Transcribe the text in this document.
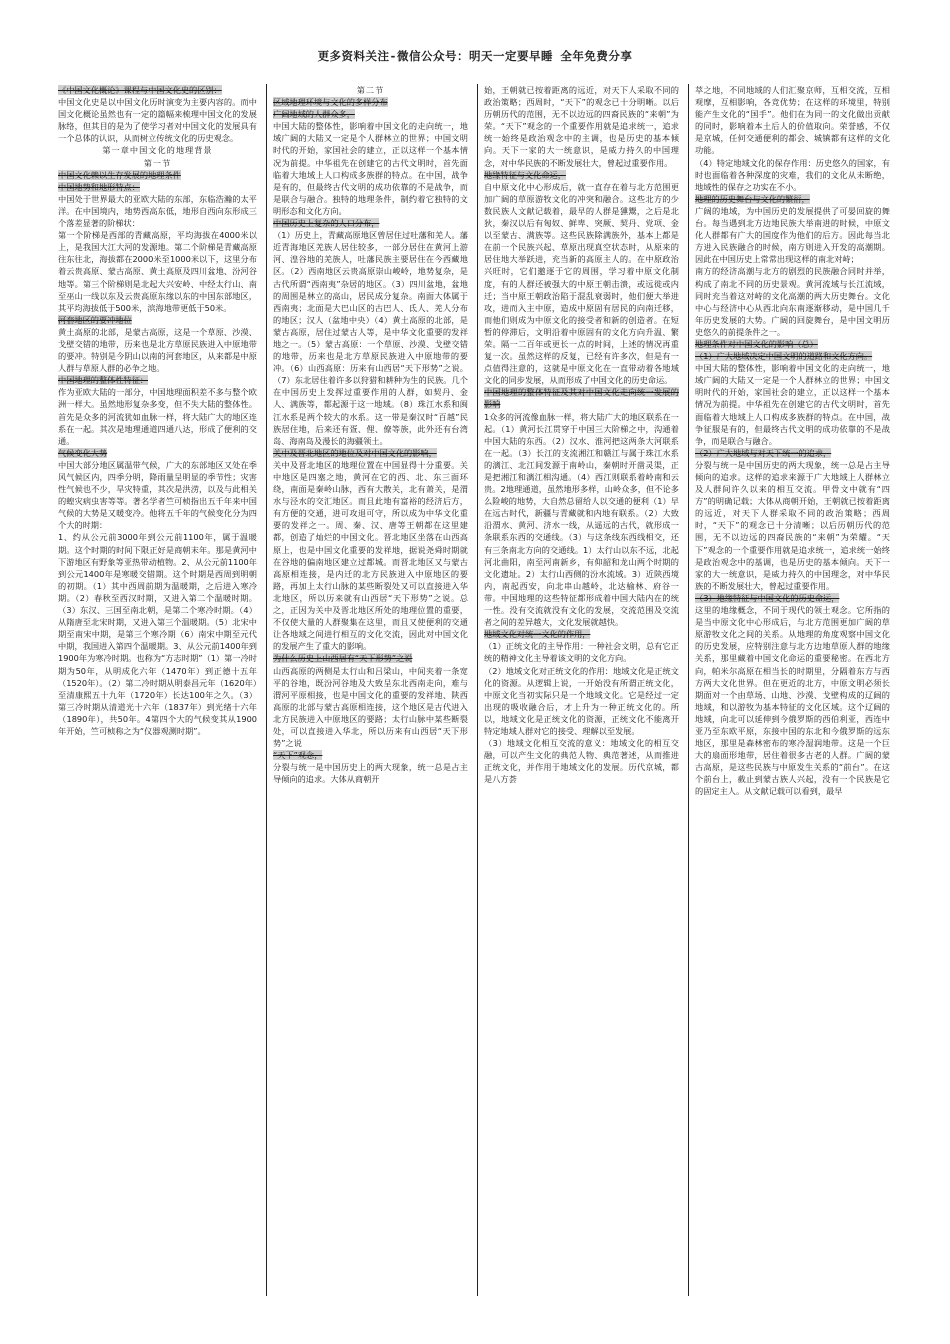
更多资料关注-微信公众号：明天一定要早睡 全年免费分享

《中国文化概论》课程与中国文化史的区别：

中国文化史是以中国文化历时演变为主要内容的。而中国文化概论虽然也有一定的篇幅来梳理中国文化的发展脉络，但其目的是为了使学习者对中国文化的发展具有一个总体的认识，从而树立传统文化的历史观念。

第一章中国文化的地理背景

第一节

中国文化赖以生存发展的地理条件

中国地势和地形特点：

中国处于世界最大的亚欧大陆的东部，东临浩瀚的太平洋。在中国境内，地势西高东低，地形自西向东形成三个落差显著的阶梯状：

第一个阶梯是西部的青藏高原，平均海拔在4000米以上，是我国大江大河的发源地。第二个阶梯是青藏高原往东往北，海拔都在2000米至1000米以下，这里分布着云贵高原、蒙古高原、黄土高原及四川盆地、汾河谷地等。第三个阶梯则是北起大兴安岭、中经太行山、南至巫山一线以东及云贵高原东缘以东的中国东部地区，其平均海拔低于500米，滨海地带更低于50米。

河套地区的要冲地位

黄土高原的北部，是蒙古高原，这是一个草原、沙漠、戈壁交错的地带，历来也是北方草原民族进入中原地带的要冲。特别是今阴山以南的河套地区，从来都是中原人群与草原人群的必争之地。

中国地理的整体性特征：

作为亚欧大陆的一部分，中国地理面积差不多与整个欧洲一样大。虽然地形复杂多变，但不失大陆的整体性。首先是众多的河流犹如血脉一样，将大陆广大的地区连系在一起。其次是地理通道四通八达，形成了便利的交通。

气候变化大势

中国大部分地区属温带气候，广大的东部地区又处在季风气候区内，四季分明，降雨量呈明显的季节性；灾害性气候也不少，旱灾特重，其次是洪涝，以及与此相关的蝗灾病虫害等等。著名学者竺可桢指出五千年来中国气候的大势是又暖变冷。他将五千年的气候变化分为四个大的时期：

1、约从公元前3000年到公元前1100年，属于温暖期。这个时期的时间下限正好是商朝末年。那是黄河中下游地区有野象等亚热带动植物。2、从公元前1100年到公元1400年是寒暖交错期。这个时期是西周到明朝的初期。（1）其中西周前期为温暖期，之后进入寒冷期。（2）春秋至西汉时期，又进入第二个温暖时期。（3）东汉、三国至南北朝，是第二个寒冷时期。（4）从隋唐至北宋时期，又进入第三个温暖期。（5）北宋中期至南宋中期，是第三个寒冷期（6）南宋中期至元代中期，我国进入第四个温暖期。3、从公元前1400年到1900年为寒冷时期。也称为“方志时期”（1）第一冷时期为50年，从明成化六年（1470年）到正德十五年（1520年）。（2）第二冷时期从明泰昌元年（1620年）至清康熙五十九年（1720年）长达100年之久。（3）第三冷时期从清道光十六年（1837年）到光绪十六年（1890年），共50年。4第四个大的气候变其从1900年开始，竺可桢称之为“仪器观测时期”。

第二节

区域地理环境与文化的多样分布

广阔地域的人群众多，

中国大陆的整体性，影响着中国文化的走向统一，地域广阔的大陆又一定是个人群林立的世界；中国文明时代的开始，家国社会的建立，正以这样一个基本情况为前提。中华祖先在创建它的古代文明时，首先面临着大地域上人口构成多族群的特点。在中国，战争是有的，但最终古代文明的成功依靠的不是战争，而是联合与融合。独特的地理条件，制约着它独特的文明形态和文化方向。

中国历史上复杂的人口分布，

（1）历史上，青藏高原地区曾居住过吐藩和羌人。藩近青海地区羌族人居住较多，一部分居住在黄河上游河、湟谷地的羌族人，吐藩民族主要居住在今西藏地区。（2）西南地区云贵高原崇山峻岭，地势复杂，是古代所谓“西南夷”杂居的地区。（3）四川盆地，盆地的周围是林立的高山，居民成分复杂。南面大体属于西南夷；北面是大巴山区的古巴人、氐人、羌人分布的地区；汉人（盆地中央）（4）黄土高原的北部，是蒙古高原，居住过蒙古人等，是中华文化重要的发祥地之一。（5）蒙古高原：一个草原、沙漠、戈壁交错的地带，历来也是北方草原民族进入中原地带的要冲。（6）山西高原：历来有山西居“天下形势”之说。（7）东北居住着许多以狩猎和耕种为生的民族。几个在中国历史上发挥过重要作用的人群，如契丹、金人、满族等，都起源于这一地域。（8）珠江水系和闽江水系是两个较大的水系。这一带是秦汉时“百越”民族居住地，后来还有疍、俚、僚等族，此外还有台湾岛、海南岛及漫长的海疆领土。

关中及晋北地区的地位及对中国文化的影响，

关中及晋北地区的地理位置在中国显得十分重要。关中地区是四塞之地，黄河在它的西、北、东三面环绕，南面是秦岭山脉，西有大散关，北有萧关，是渭水与泾水的交汇地区。而且此地有富裕的经济后方，有方便的交通，进可攻退可守，所以成为中华文化重要的发祥之一。周、秦、汉、唐等王朝都在这里建都，创造了灿烂的中国文化。晋北地区坐落在山西高原上，也是中国文化重要的发祥地，据说尧舜时期就在谷地的偏南地区建立过都城。而晋北地区又与蒙古高原相连接，是内迁的北方民族进入中原地区的要路，再加上太行山脉的某些断裂处又可以直接进入华北地区，所以历来就有山西居“天下形势”之说。总之，正因为关中及晋北地区所处的地理位置的重要，不仅使大量的人群聚集在这里，而且又使便利的交通让各地域之间进行相互的文化交流，因此对中国文化的发展产生了重大的影响。

为什么历史上山西居有“天下形势”之说

山西高原的两侧是太行山和吕梁山，中间夹着一条宽平的谷地，既汾河谷地及大致呈东北西南走向，难与渭河平原相接，也是中国文化的重要的发祥地、陕西高原的北部与蒙古高原相连接，这个地区是古代进入北方民族进入中原地区的要路；太行山脉中某些断裂处，可以直接进入华北，所以历来有山西居“天下形势”之说

“天下”观念，

分裂与统一是中国历史上的两大现象，统一总是占主导倾向的追求。大体从商朝开

始，王朝就已按着距离的远近，对天下人采取不同的政治策略；西周时，“天下”的观念已十分明晰。以后历朝历代的范围，无不以边远的四裔民族的“来朝”为荣。“天下”观念的一个重要作用就是追求统一，追求统一始终是政治观念中的主调，也是历史的基本倾向。天下一家的大一统意识，是威力持久的中国理念，对中华民族的不断发展壮大，曾起过重要作用。

地缘特征与文化命运，

自中原文化中心形成后，就一直存在着与北方范围更加广阔的草原游牧文化的冲突和融合。这些北方的少数民族人文献记载着，最早的人群是獯鬻，之后是北狄，秦汉以后有匈奴、鲜卑、突厥、契丹、党项、金以至蒙古、满族等。这些民族除满族外，基本上都是在前一个民族兴起、草原出现真空状态时，从原来的居住地大举跃进，充当新的高原主人的。在中原政治兴旺时，它们邀逐于它的周围，学习着中原文化制度，有的人群还被强大的中原王朝击溃，或远徙或内迁；当中原王朝政治陷于混乱衰弱时，他们便大举进攻，进而入主中原，造成中原固有居民的向南迁移，而他们则成为中原文化的接受者和新的创造者。在短暂的停滞后，文明沿着中原固有的文化方向升温、繁荣。隔一二百年或更长一点的时间，上述的情况再重复一次。虽然这样的反复，已经有许多次，但是有一点值得注意的，这就是中原文化在一直带动着各地域文化的同步发展，从而形成了中国文化的历史命运。

中国地理的整体特征及其对中国文化走向统一发展的影响

1众多的河流像血脉一样，将大陆广大的地区联系在一起。（1）黄河长江贯穿于中国三大阶梯之中，沟通着中国大陆的东西。（2）汉水、淮河把这两条大河联系在一起。（3）长江的支流湘江和赣江与属于珠江水系的漓江、北江间发源于南岭山，秦朝时开凿灵渠，正是把湘江和漓江相沟通。（4）西江则联系着岭南和云贵。2地理通道，虽然地形多样，山岭众多，但不论多么险峻的地势，大自然总留给人以交通的便利（1）早在远古时代，新疆与青藏就和内地有联系。（2）大致沿渭水、黄河、济水一线，从遥远的古代，就形成一条联系东西的交通线。（3）与这条线东西线相交，还有三条南北方向的交通线。1）太行山以东不远，北起河北曲阳，南至河南新乡，有仰韶和龙山两个时期的文化遗址。2）太行山西侧的汾水流域。3）近陕西境内，南起西安，向北串山越岭，北达榆林、府谷一带。中国地理的这些特征都形成着中国大陆内在的统一性。没有交流就没有文化的发展，交流范围及交流者之间的差异越大，文化发展就越快。

地域文化对统一文化的作用，

（1）正统文化的主导作用：一种社会文明，总有它正统的精神文化主导着该文明的文化方向。

（2）地域文化对正统文化的作用：地域文化是正统文化的资源。从逻辑上说，一开始没有所谓正统文化，中原文化当初实际只是一个地域文化。它是经过一定出现的吸收融合后，才上升为一种正统文化的。所以，地域文化是正统文化的资源，正统文化不能离开特定地域人群对它的接受、理解以至发展。

（3）地域文化相互交流的意义：地域文化的相互交融，可以产生文化的典范人物、典范著述，从而推进正统文化，并作用于地域文化的发展。历代京城，都是八方荟

萃之地，不同地域的人们汇聚京师，互相交流，互相观摩，互相影响，各竞优势；在这样的环境里，特别能产生文化的“国手”。他们在为同一的文化做出贡献的同时，影响着本土后人的价值取向。荣誉感，不仅是京城，任何交通便利的都会、城镇都有这样的文化功能。

（4）特定地域文化的保存作用：历史悠久的国家，有时也面临着各种深度的灾难，我们的文化从未断绝，地域性的保存之功实在不小。

地理的历史舞台与文化的繁衍，

广阔的地域，为中国历史的发展提供了可晏回旋的舞台。每当遇到北方边地民族大举南进的时候，中原文化人群都有广大的国度作为他们的后方。因此每当北方进入民族融合的时候，南方则进入开发的高潮期。因此在中国历史上常常出现这样的南北对峙；

南方的经济高潮与北方的剧烈的民族融合同时并举，构成了南北不同的历史景观。黄河流域与长江流域，同时充当着这对峙的文化高潮的两大历史舞台。文化中心与经济中心从西北向东南逐渐移动，是中国几千年历史发展的大势。广阔的回旋舞台，是中国文明历史悠久的前提条件之一。

地理条件对中国文化的影响（总）

（1）广大地域决定中国文明的道路和文化方向。

中国大陆的整体性，影响着中国文化的走向统一，地域广阔的大陆又一定是一个人群林立的世界；中国文明时代的开始，家国社会的建立，正以这样一个基本情况为前提。中华祖先在创建它的古代文明时，首先面临着大地域上人口构成多族群的特点。在中国，战争征服是有的，但最终古代文明的成功依靠的不是战争，而是联合与融合。

（2）广大地域与对天下统一的追求，

分裂与统一是中国历史的两大现象，统一总是占主导倾向的追求。这样的追求来源于广大地域上人群林立及人群间许久以来的相互交流。甲骨文中就有“四方”的明确记载；大体从商朝开始，王朝就已按着距离的远近，对天下人群采取不同的政治策略；西周时，“天下”的观念已十分清晰；以后历朝历代的范围，无不以边远的四裔民族的“来朝”为荣耀。“天下”观念的一个重要作用就是追求统一，追求统一始终是政治观念中的基调，也是历史的基本倾向。天下一家的大一统意识，是威力持久的中国理念，对中华民族的不断发展壮大，曾起过重要作用。

（3）地缘特征与中国文化的历史命运，

这里的地缘概念，不同于现代的领土观念。它所指的是当中原文化中心形成后，与北方范围更加广阔的草原游牧文化之间的关系。从地理的角度观察中国文化的历史发展，应特别注意与北方边地草原人群的地缘关系，那里藏着中国文化命运的重要秘密。在西北方向，帕米尔高原在相当长的时期里，分隔着东方与西方两大文化世界。但在更近的北方，中原文明必须长期面对一个由草场、山地、沙漠、戈壁构成的辽阔的地域，和以游牧为基本特征的文化区域。这个辽阔的地域，向北可以延伸到今俄罗斯的西伯利亚，西连中亚乃至东欧平原，东接中国的东北和今俄罗斯的远东地区，那里是森林密布的寒冷湿润地带。这是一个巨大的扇面形地带，居住着很多古老的人群。广阔的蒙古高原，是这些民族与中原发生关系的“前台”。在这个前台上，截止到蒙古族人兴起，没有一个民族是它的固定主人。从文献记载可以看到，最早
